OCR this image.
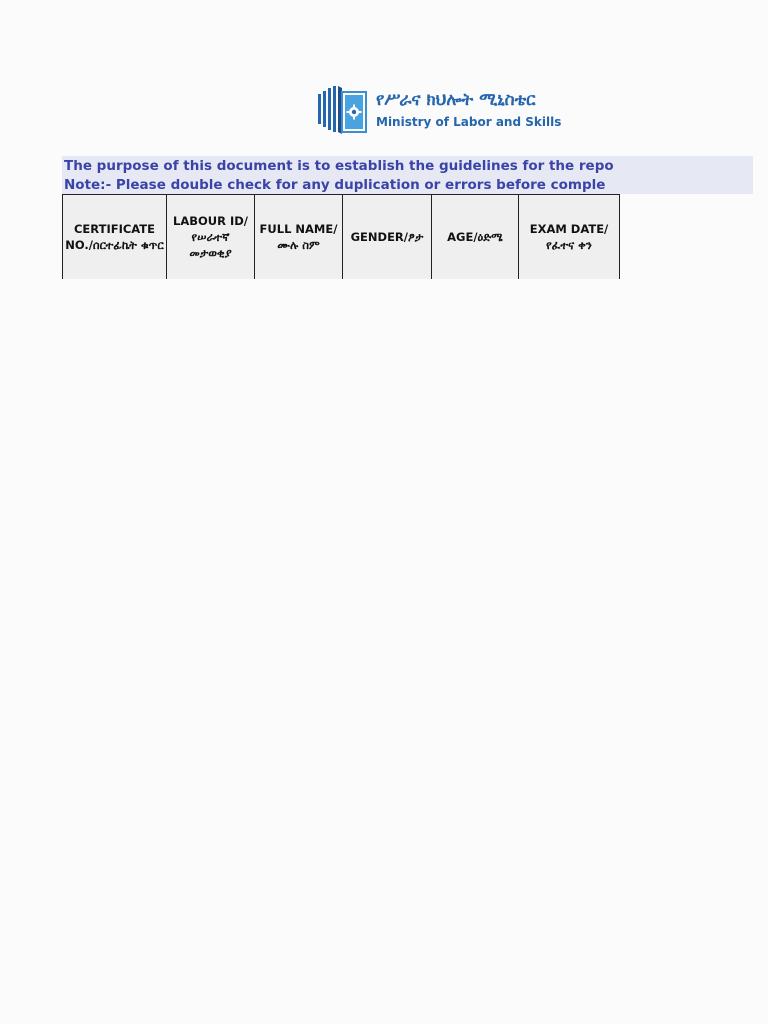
የሥራና ክህሎት ሚኒስቴር
Ministry of Labor and Skills
The purpose of this document is to establish the guidelines for the repo
Note:- Please double check for any duplication or errors before comple
CERTIFICATE NO./ሰርተፊኬት ቁጥር	LABOUR ID/የሠራተኛ መታወቂያ	FULL NAME/ሙሉ ስም	GENDER/ፆታ	AGE/ዕድሜ	EXAM DATE/የፈተና ቀን
